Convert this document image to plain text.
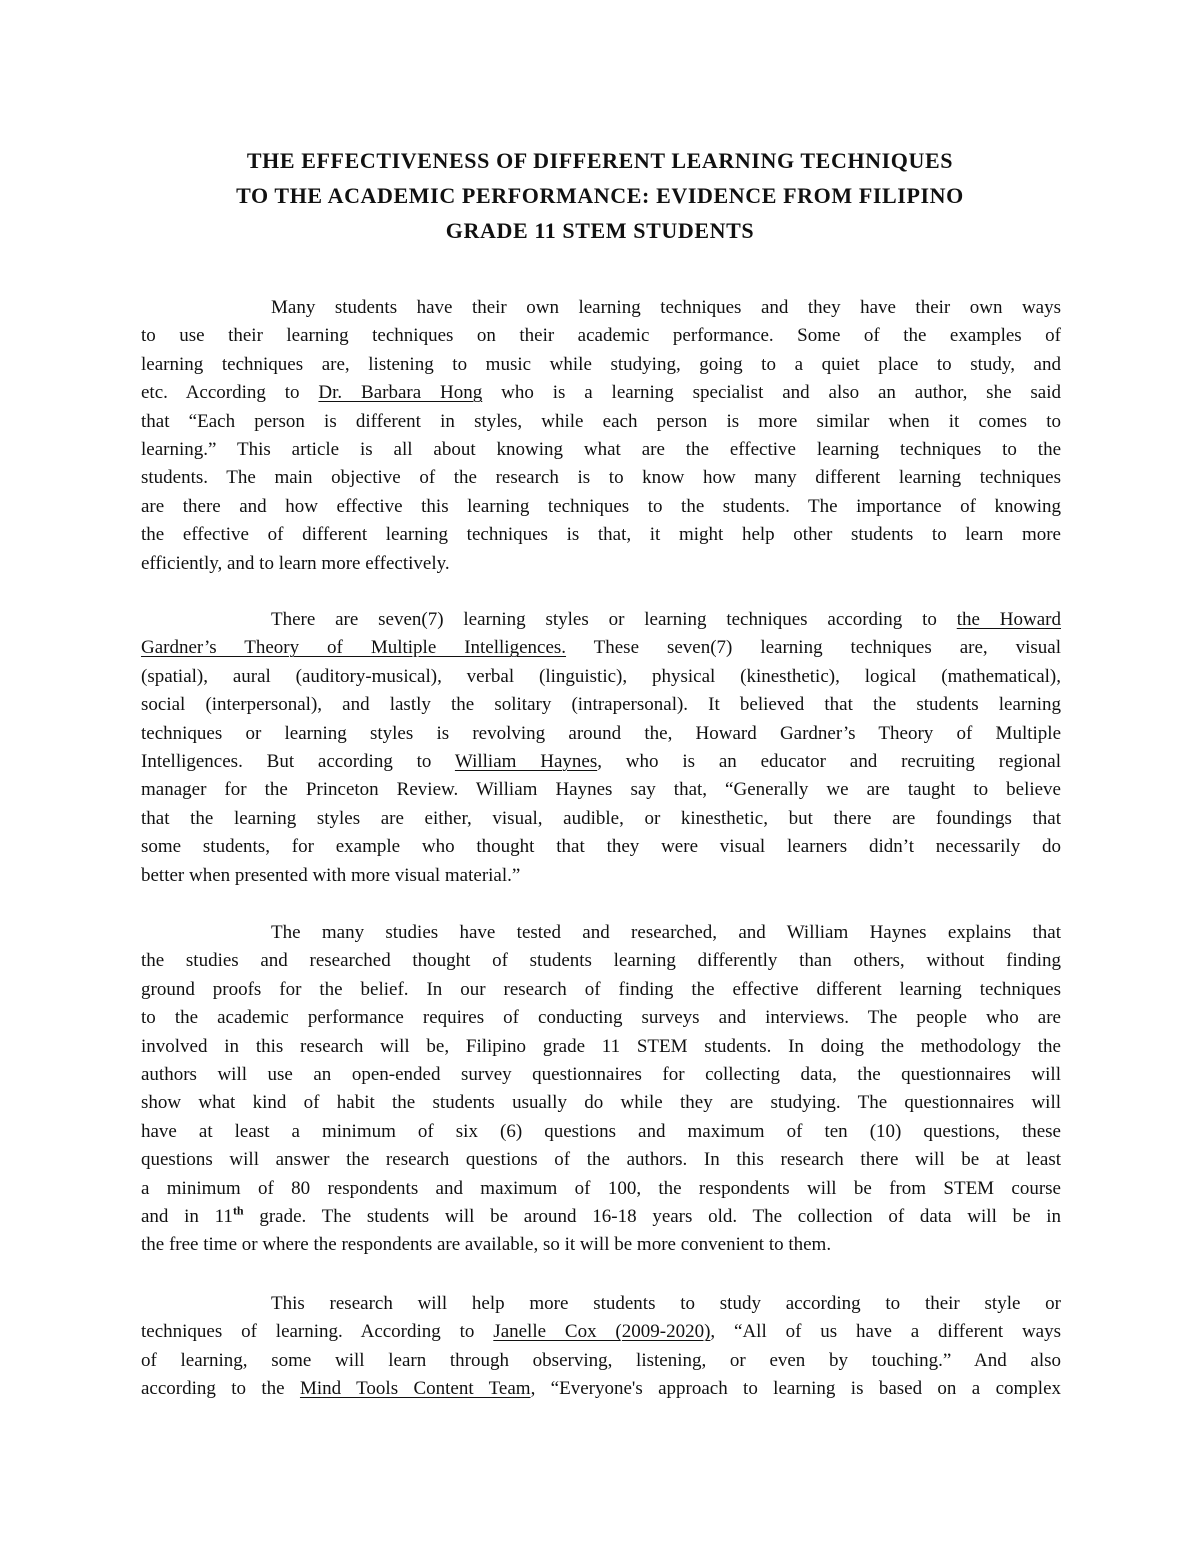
THE EFFECTIVENESS OF DIFFERENT LEARNING TECHNIQUES
TO THE ACADEMIC PERFORMANCE: EVIDENCE FROM FILIPINO
GRADE 11 STEM STUDENTS
Many students have their own learning techniques and they have their own ways
to use their learning techniques on their academic performance. Some of the examples of
learning techniques are, listening to music while studying, going to a quiet place to study, and
etc. According to Dr. Barbara Hong who is a learning specialist and also an author, she said
that “Each person is different in styles, while each person is more similar when it comes to
learning.” This article is all about knowing what are the effective learning techniques to the
students. The main objective of the research is to know how many different learning techniques
are there and how effective this learning techniques to the students. The importance of knowing
the effective of different learning techniques is that, it might help other students to learn more
efficiently, and to learn more effectively.
There are seven(7) learning styles or learning techniques according to the Howard
Gardner’s Theory of Multiple Intelligences. These seven(7) learning techniques are, visual
(spatial), aural (auditory-musical), verbal (linguistic), physical (kinesthetic), logical (mathematical),
social (interpersonal), and lastly the solitary (intrapersonal). It believed that the students learning
techniques or learning styles is revolving around the, Howard Gardner’s Theory of Multiple
Intelligences. But according to William Haynes, who is an educator and recruiting regional
manager for the Princeton Review. William Haynes say that, “Generally we are taught to believe
that the learning styles are either, visual, audible, or kinesthetic, but there are foundings that
some students, for example who thought that they were visual learners didn’t necessarily do
better when presented with more visual material.”
The many studies have tested and researched, and William Haynes explains that
the studies and researched thought of students learning differently than others, without finding
ground proofs for the belief. In our research of finding the effective different learning techniques
to the academic performance requires of conducting surveys and interviews. The people who are
involved in this research will be, Filipino grade 11 STEM students. In doing the methodology the
authors will use an open-ended survey questionnaires for collecting data, the questionnaires will
show what kind of habit the students usually do while they are studying. The questionnaires will
have at least a minimum of six (6) questions and maximum of ten (10) questions, these
questions will answer the research questions of the authors. In this research there will be at least
a minimum of 80 respondents and maximum of 100, the respondents will be from STEM course
and in 11th grade. The students will be around 16-18 years old. The collection of data will be in
the free time or where the respondents are available, so it will be more convenient to them.
This research will help more students to study according to their style or
techniques of learning. According to Janelle Cox (2009-2020), “All of us have a different ways
of learning, some will learn through observing, listening, or even by touching.” And also
according to the Mind Tools Content Team, “Everyone's approach to learning is based on a complex
